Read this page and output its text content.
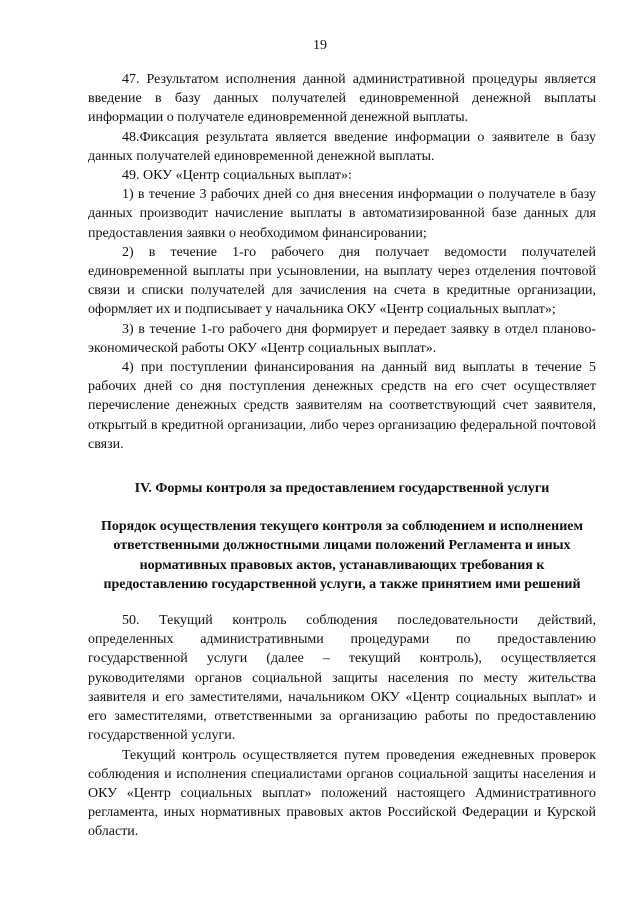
19

47. Результатом исполнения данной административной процедуры является введение в базу данных получателей единовременной денежной выплаты информации о получателе единовременной денежной выплаты.

48.Фиксация результата является введение информации о заявителе в базу данных получателей единовременной денежной выплаты.

49. ОКУ «Центр социальных выплат»:

1) в течение 3 рабочих дней со дня внесения информации о получателе в базу данных производит начисление выплаты в автоматизированной базе данных для предоставления заявки о необходимом финансировании;

2) в течение 1-го рабочего дня получает ведомости получателей единовременной выплаты при усыновлении, на выплату через отделения почтовой связи и списки получателей для зачисления на счета в кредитные организации, оформляет их и подписывает у начальника ОКУ «Центр социальных выплат»;

3) в течение 1-го рабочего дня формирует и передает заявку в отдел планово-экономической работы ОКУ «Центр социальных выплат».

4) при поступлении финансирования на данный вид выплаты в течение 5 рабочих дней со дня поступления денежных средств на его счет осуществляет перечисление денежных средств заявителям на соответствующий счет заявителя, открытый в кредитной организации, либо через организацию федеральной почтовой связи.

IV. Формы контроля за предоставлением государственной услуги
Порядок осуществления текущего контроля за соблюдением и исполнением ответственными должностными лицами положений Регламента и иных нормативных правовых актов, устанавливающих требования к предоставлению государственной услуги, а также принятием ими решений

50. Текущий контроль соблюдения последовательности действий, определенных административными процедурами по предоставлению государственной услуги (далее – текущий контроль), осуществляется руководителями органов социальной защиты населения по месту жительства заявителя и его заместителями, начальником ОКУ «Центр социальных выплат» и его заместителями, ответственными за организацию работы по предоставлению государственной услуги.

Текущий контроль осуществляется путем проведения ежедневных проверок соблюдения и исполнения специалистами органов социальной защиты населения и ОКУ «Центр социальных выплат» положений настоящего Административного регламента, иных нормативных правовых актов Российской Федерации и Курской области.
